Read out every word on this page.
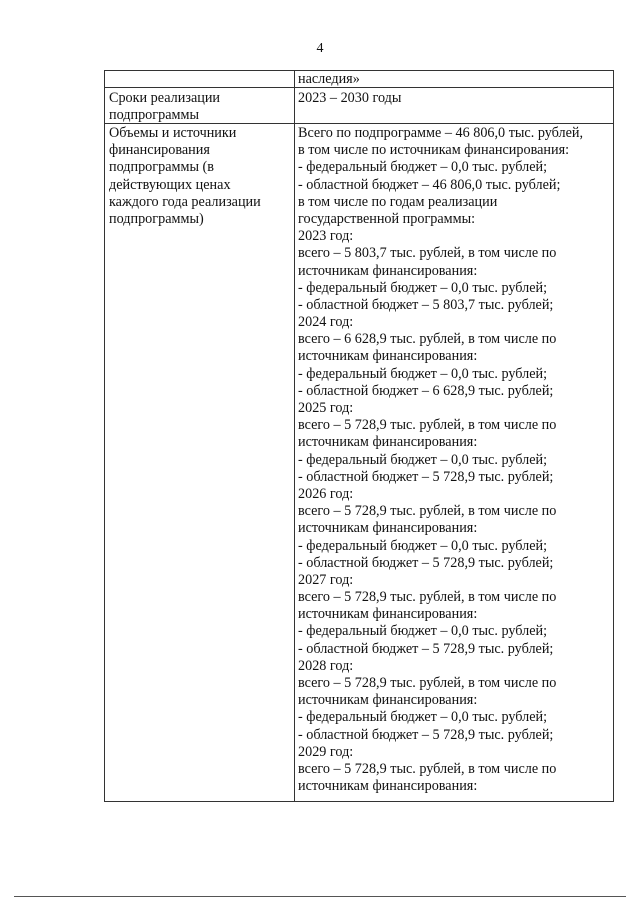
4
наследия»
Сроки реализации
подпрограммы
2023 – 2030 годы
Объемы и источники
финансирования
подпрограммы (в
действующих ценах
каждого года реализации
подпрограммы)
Всего по подпрограмме – 46 806,0 тыс. рублей,
в том числе по источникам финансирования:
- федеральный бюджет – 0,0 тыс. рублей;
- областной бюджет – 46 806,0 тыс. рублей;
в том числе по годам реализации
государственной программы:
2023 год:
всего – 5 803,7 тыс. рублей, в том числе по
источникам финансирования:
- федеральный бюджет – 0,0 тыс. рублей;
- областной бюджет – 5 803,7 тыс. рублей;
2024 год:
всего – 6 628,9 тыс. рублей, в том числе по
источникам финансирования:
- федеральный бюджет – 0,0 тыс. рублей;
- областной бюджет – 6 628,9 тыс. рублей;
2025 год:
всего – 5 728,9 тыс. рублей, в том числе по
источникам финансирования:
- федеральный бюджет – 0,0 тыс. рублей;
- областной бюджет – 5 728,9 тыс. рублей;
2026 год:
всего – 5 728,9 тыс. рублей, в том числе по
источникам финансирования:
- федеральный бюджет – 0,0 тыс. рублей;
- областной бюджет – 5 728,9 тыс. рублей;
2027 год:
всего – 5 728,9 тыс. рублей, в том числе по
источникам финансирования:
- федеральный бюджет – 0,0 тыс. рублей;
- областной бюджет – 5 728,9 тыс. рублей;
2028 год:
всего – 5 728,9 тыс. рублей, в том числе по
источникам финансирования:
- федеральный бюджет – 0,0 тыс. рублей;
- областной бюджет – 5 728,9 тыс. рублей;
2029 год:
всего – 5 728,9 тыс. рублей, в том числе по
источникам финансирования:
